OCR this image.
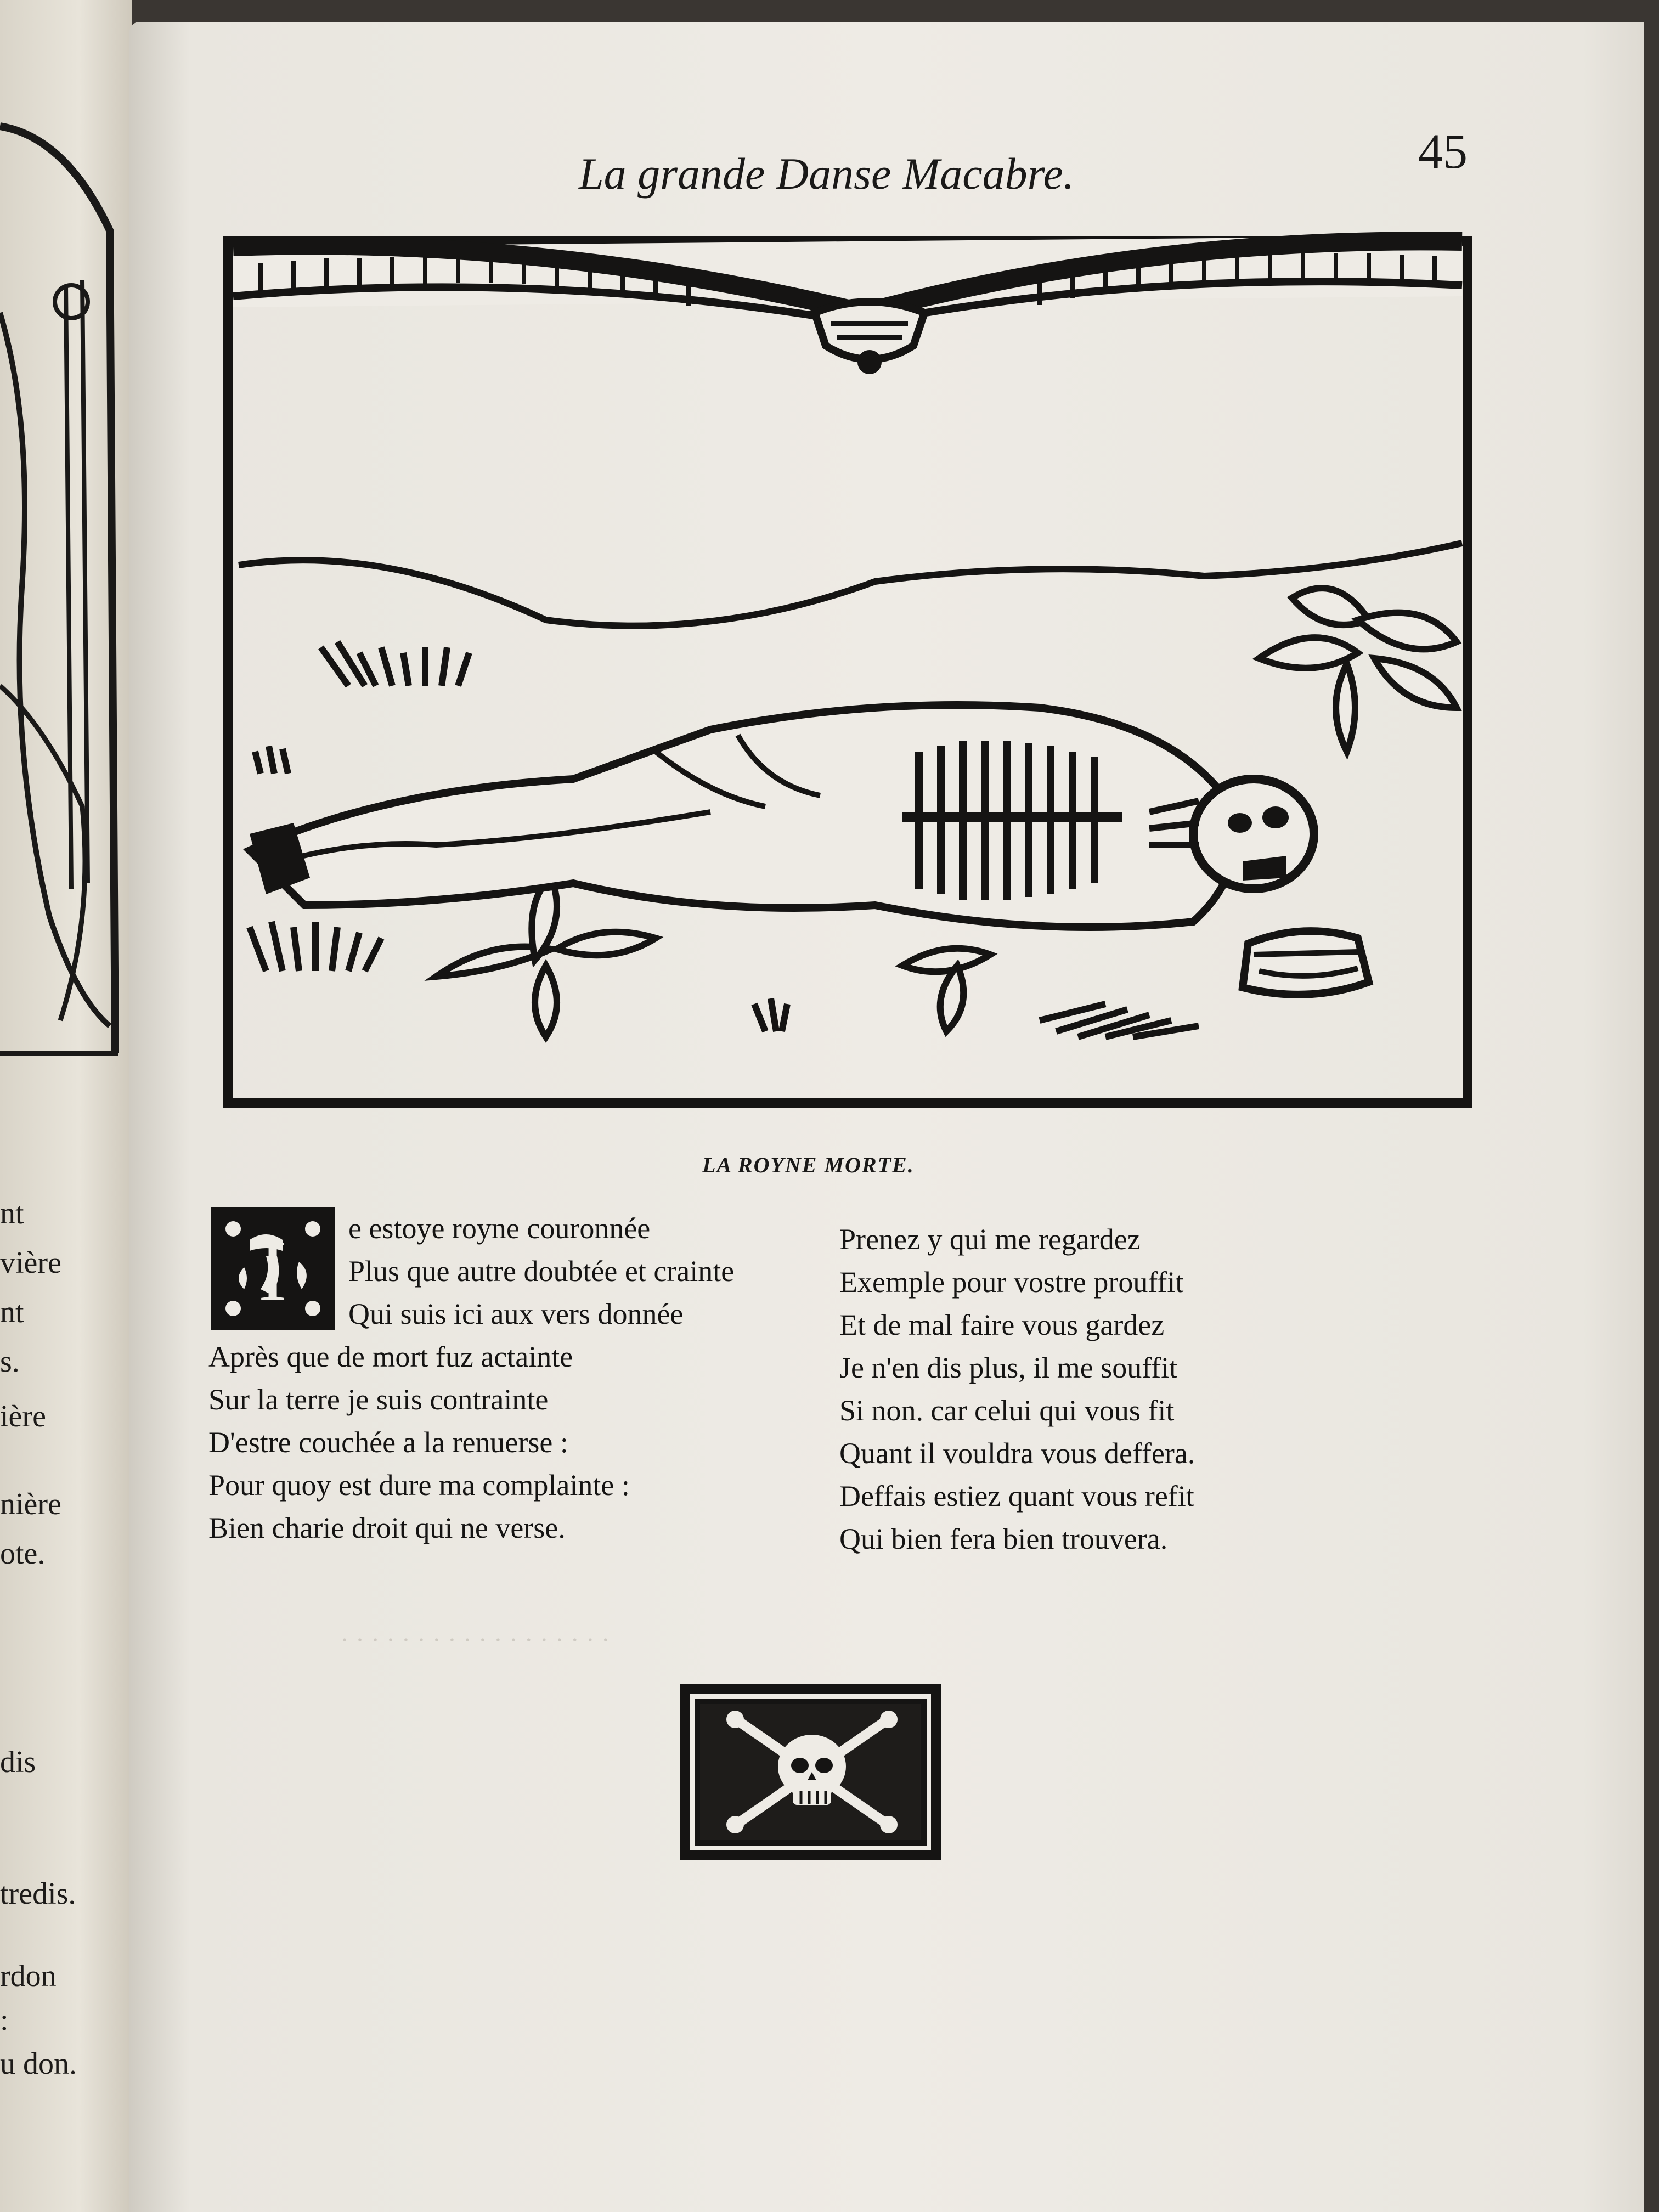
nt
vière
nt
s.
ière
nière
ote.
dis
tredis.
rdon
:
u don.
· · · · · · · · · · · · · · · · · ·
La grande Danse Macabre.	45
LA ROYNE MORTE.
I	e estoye royne couronnée
Plus que autre doubtée et crainte
Qui suis ici aux vers donnée
Après que de mort fuz actainte
Sur la terre je suis contrainte
D'estre couchée a la renuerse :
Pour quoy est dure ma complainte :
Bien charie droit qui ne verse.
Prenez y qui me regardez
Exemple pour vostre prouffit
Et de mal faire vous gardez
Je n'en dis plus, il me souffit
Si non. car celui qui vous fit
Quant il vouldra vous deffera.
Deffais estiez quant vous refit
Qui bien fera bien trouvera.
